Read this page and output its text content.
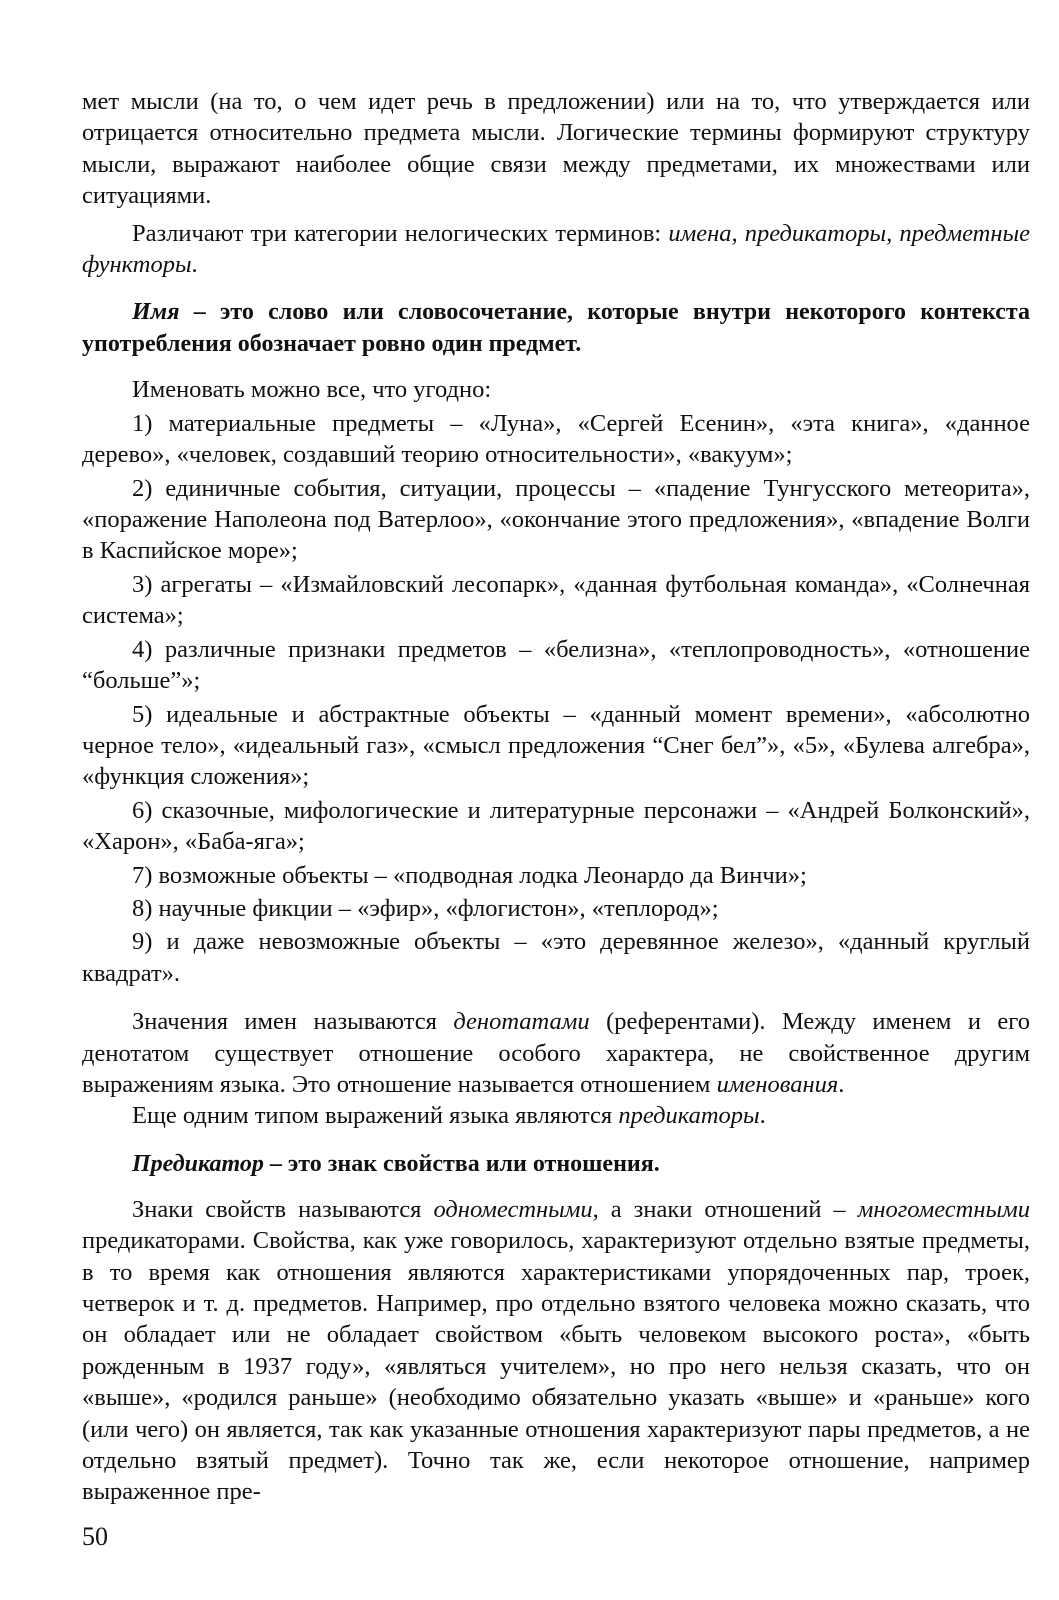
мет мысли (на то, о чем идет речь в предложении) или на то, что утверждается или отрицается относительно предмета мысли. Логические термины формируют структуру мысли, выражают наиболее общие связи между предметами, их множествами или ситуациями.

Различают три категории нелогических терминов: имена, предикаторы, предметные функторы.

Имя – это слово или словосочетание, которые внутри некоторого контекста употребления обозначает ровно один предмет.

Именовать можно все, что угодно:

1) материальные предметы – «Луна», «Сергей Есенин», «эта книга», «данное дерево», «человек, создавший теорию относительности», «вакуум»;

2) единичные события, ситуации, процессы – «падение Тунгусского метеорита», «поражение Наполеона под Ватерлоо», «окончание этого предложения», «впадение Волги в Каспийское море»;

3) агрегаты – «Измайловский лесопарк», «данная футбольная команда», «Солнечная система»;

4) различные признаки предметов – «белизна», «теплопроводность», «отношение “больше”»;

5) идеальные и абстрактные объекты – «данный момент времени», «абсолютно черное тело», «идеальный газ», «смысл предложения “Снег бел”», «5», «Булева алгебра», «функция сложения»;

6) сказочные, мифологические и литературные персонажи – «Андрей Болконский», «Харон», «Баба-яга»;

7) возможные объекты – «подводная лодка Леонардо да Винчи»;

8) научные фикции – «эфир», «флогистон», «теплород»;

9) и даже невозможные объекты – «это деревянное железо», «данный круглый квадрат».

Значения имен называются денотатами (референтами). Между именем и его денотатом существует отношение особого характера, не свойственное другим выражениям языка. Это отношение называется отношением именования.

Еще одним типом выражений языка являются предикаторы.

Предикатор – это знак свойства или отношения.

Знаки свойств называются одноместными, а знаки отношений – многоместными предикаторами. Свойства, как уже говорилось, характеризуют отдельно взятые предметы, в то время как отношения являются характеристиками упорядоченных пар, троек, четверок и т. д. предметов. Например, про отдельно взятого человека можно сказать, что он обладает или не обладает свойством «быть человеком высокого роста», «быть рожденным в 1937 году», «являться учителем», но про него нельзя сказать, что он «выше», «родился раньше» (необходимо обязательно указать «выше» и «раньше» кого (или чего) он является, так как указанные отношения характеризуют пары предметов, а не отдельно взятый предмет). Точно так же, если некоторое отношение, например выраженное пре-

50
